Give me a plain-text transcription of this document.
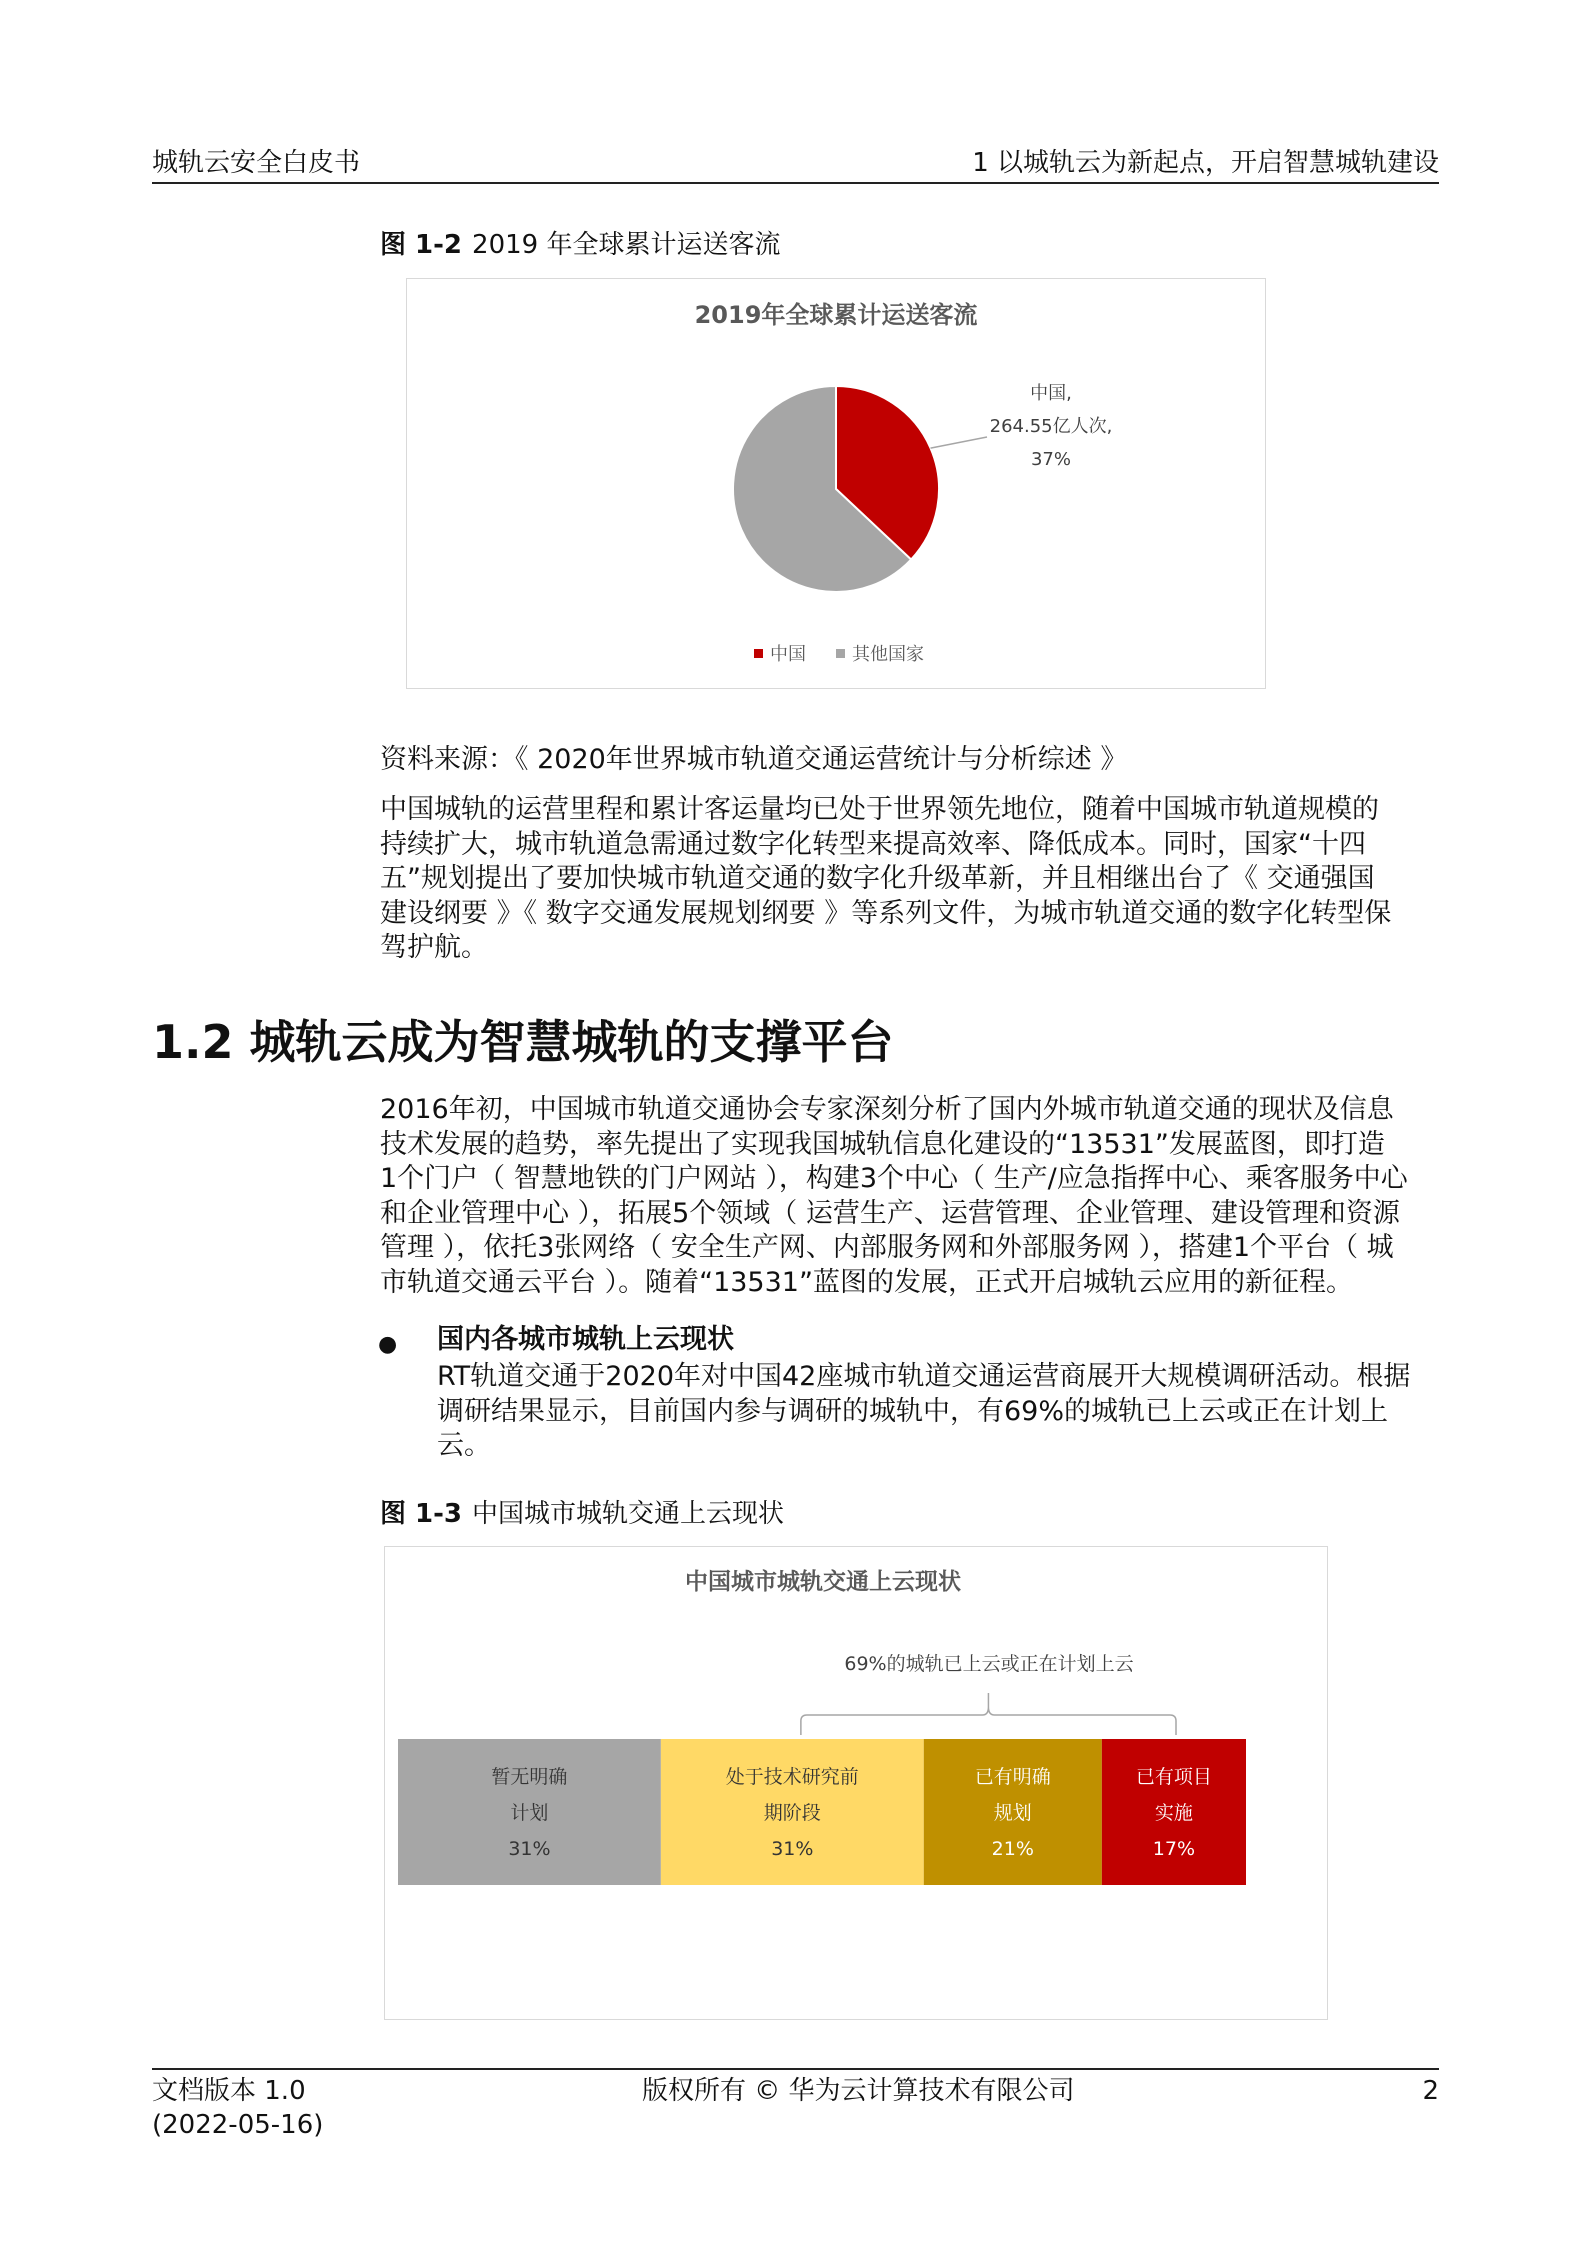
城轨云安全白皮书	1 以城轨云为新起点，开启智慧城轨建设
图 1-2 2019 年全球累计运送客流
2019年全球累计运送客流
中国,
264.55亿人次,
37%
中国	其他国家
资料来源：《 2020年世界城市轨道交通运营统计与分析综述 》
中国城轨的运营里程和累计客运量均已处于世界领先地位，随着中国城市轨道规模的
持续扩大，城市轨道急需通过数字化转型来提高效率、降低成本。同时，国家“十四
五”规划提出了要加快城市轨道交通的数字化升级革新，并且相继出台了《 交通强国
建设纲要 》《 数字交通发展规划纲要 》等系列文件，为城市轨道交通的数字化转型保
驾护航。
1.2 城轨云成为智慧城轨的支撑平台
2016年初，中国城市轨道交通协会专家深刻分析了国内外城市轨道交通的现状及信息
技术发展的趋势，率先提出了实现我国城轨信息化建设的“13531”发展蓝图，即打造
1个门户（ 智慧地铁的门户网站 ），构建3个中心（ 生产/应急指挥中心、乘客服务中心
和企业管理中心 ），拓展5个领域（ 运营生产、运营管理、企业管理、建设管理和资源
管理 ），依托3张网络（ 安全生产网、内部服务网和外部服务网 ），搭建1个平台（ 城
市轨道交通云平台 ）。随着“13531”蓝图的发展，正式开启城轨云应用的新征程。
● 国内各城市城轨上云现状
RT轨道交通于2020年对中国42座城市轨道交通运营商展开大规模调研活动。根据
调研结果显示，目前国内参与调研的城轨中，有69%的城轨已上云或正在计划上
云。
图 1-3 中国城市城轨交通上云现状
中国城市城轨交通上云现状
69%的城轨已上云或正在计划上云
暂无明确
计划
31%
处于技术研究前
期阶段
31%
已有明确
规划
21%
已有项目
实施
17%
文档版本 1.0
(2022-05-16)
版权所有 © 华为云计算技术有限公司	2
